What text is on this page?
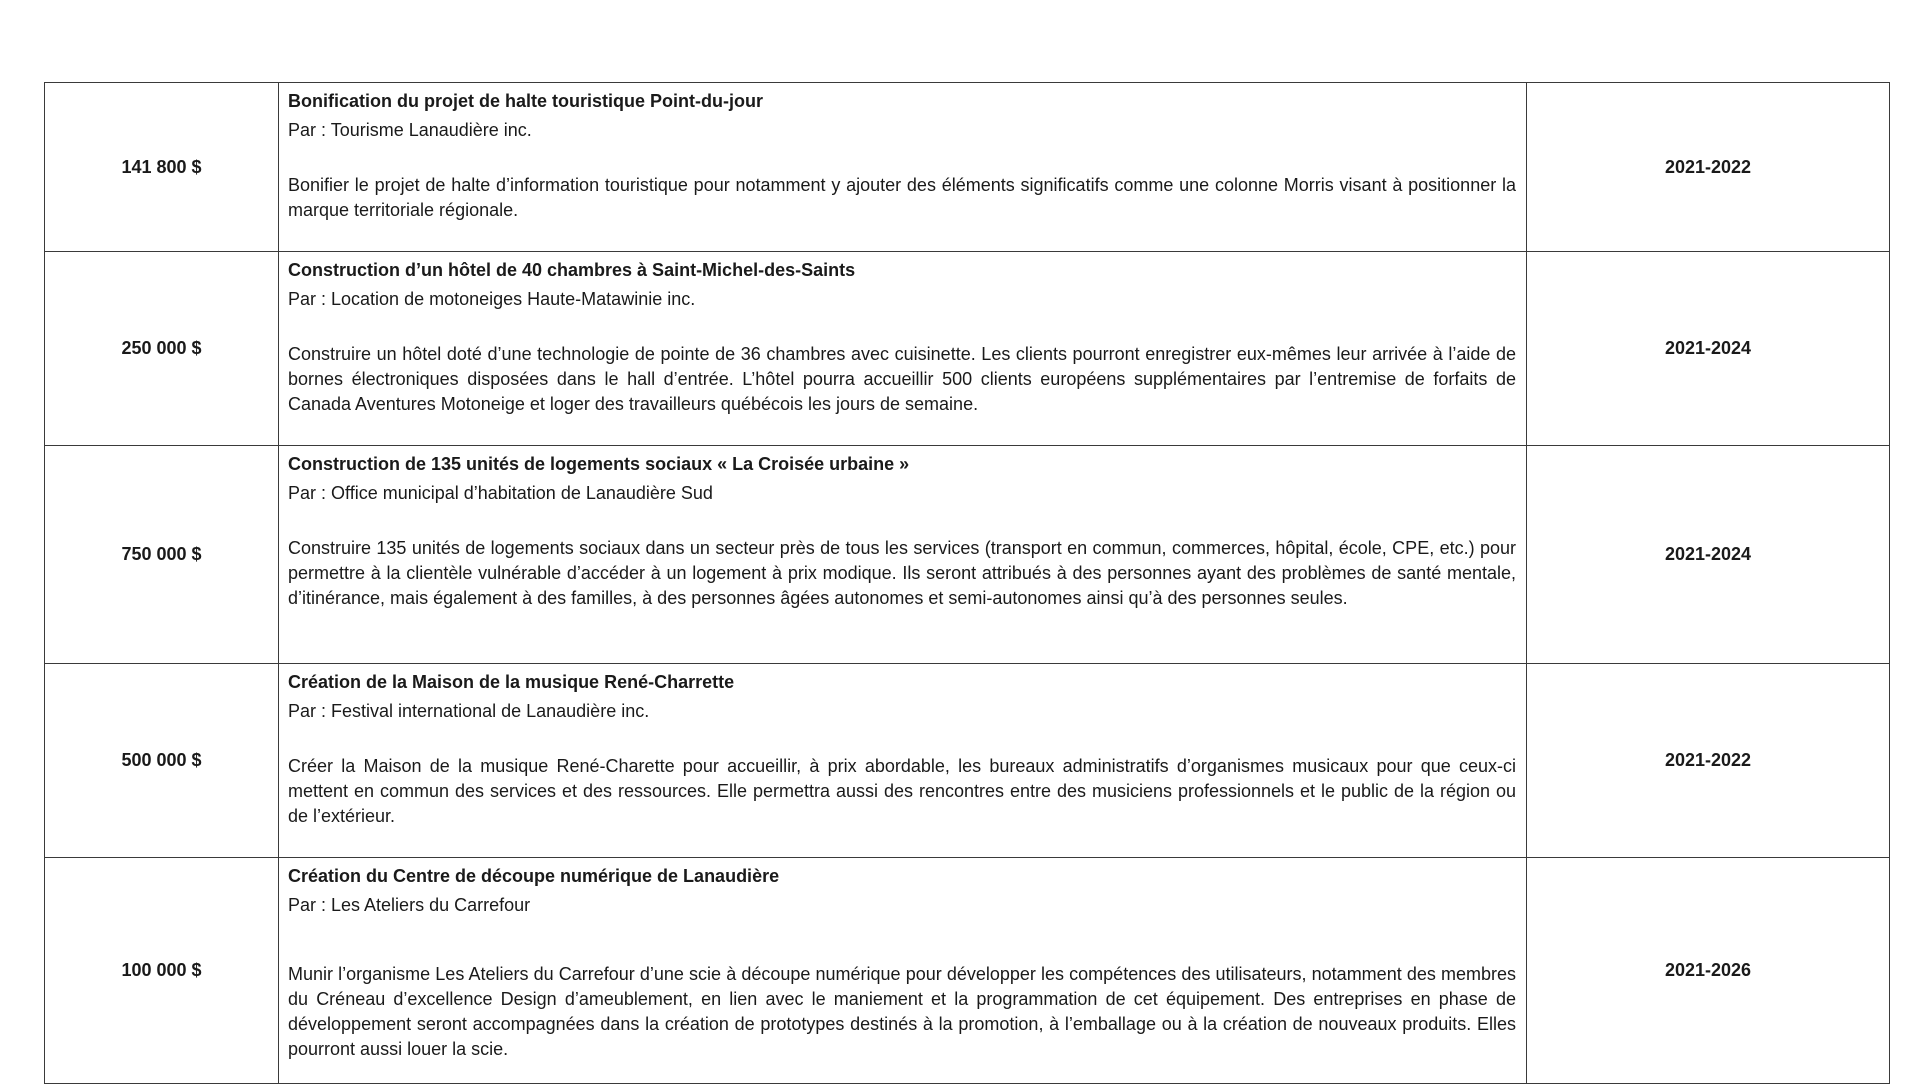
141 800 $	Bonification du projet de halte touristique Point-du-jour

Par : Tourisme Lanaudière inc.

Bonifier le projet de halte d’information touristique pour notamment y ajouter des éléments significatifs comme une colonne Morris visant à positionner la marque territoriale régionale.	2021-2022
250 000 $	Construction d’un hôtel de 40 chambres à Saint-Michel-des-Saints

Par : Location de motoneiges Haute-Matawinie inc.

Construire un hôtel doté d’une technologie de pointe de 36 chambres avec cuisinette. Les clients pourront enregistrer eux-mêmes leur arrivée à l’aide de bornes électroniques disposées dans le hall d’entrée. L’hôtel pourra accueillir 500 clients européens supplémentaires par l’entremise de forfaits de Canada Aventures Motoneige et loger des travailleurs québécois les jours de semaine.	2021-2024
750 000 $	Construction de 135 unités de logements sociaux « La Croisée urbaine »

Par : Office municipal d’habitation de Lanaudière Sud

Construire 135 unités de logements sociaux dans un secteur près de tous les services (transport en commun, commerces, hôpital, école, CPE, etc.) pour permettre à la clientèle vulnérable d’accéder à un logement à prix modique. Ils seront attribués à des personnes ayant des problèmes de santé mentale, d’itinérance, mais également à des familles, à des personnes âgées autonomes et semi-autonomes ainsi qu’à des personnes seules.	2021-2024
500 000 $	Création de la Maison de la musique René-Charrette

Par : Festival international de Lanaudière inc.

Créer la Maison de la musique René-Charette pour accueillir, à prix abordable, les bureaux administratifs d’organismes musicaux pour que ceux-ci mettent en commun des services et des ressources. Elle permettra aussi des rencontres entre des musiciens professionnels et le public de la région ou de l’extérieur.	2021-2022
100 000 $	Création du Centre de découpe numérique de Lanaudière

Par : Les Ateliers du Carrefour

Munir l’organisme Les Ateliers du Carrefour d’une scie à découpe numérique pour développer les compétences des utilisateurs, notamment des membres du Créneau d’excellence Design d’ameublement, en lien avec le maniement et la programmation de cet équipement. Des entreprises en phase de développement seront accompagnées dans la création de prototypes destinés à la promotion, à l’emballage ou à la création de nouveaux produits. Elles pourront aussi louer la scie.	2021-2026
